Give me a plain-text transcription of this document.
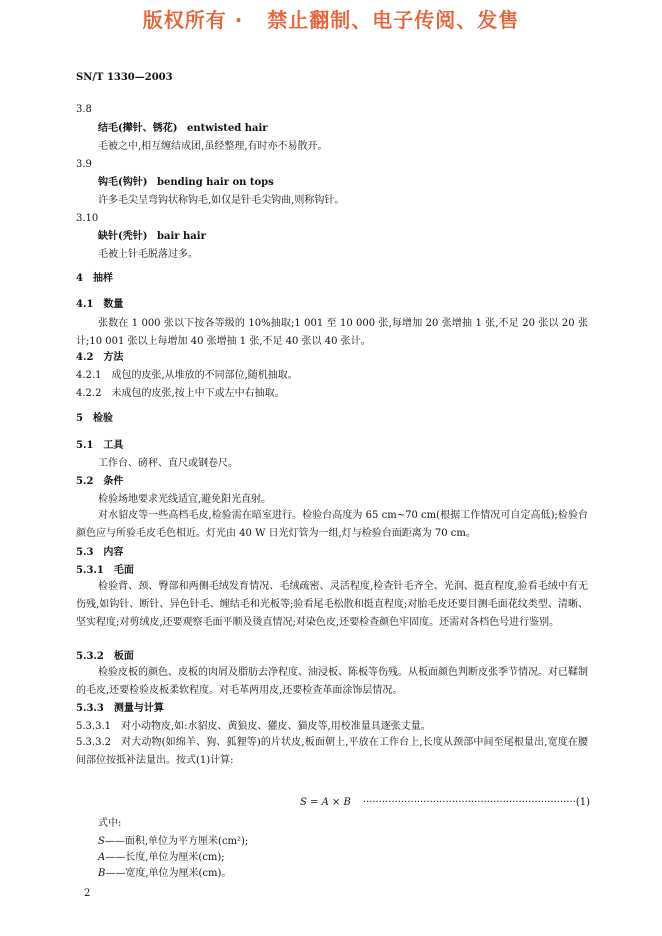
版权所有 ·   禁止翻制、电子传阅、发售
SN/T 1330—2003
3.8
结毛(撵针、锈花) entwisted hair
毛被之中,相互缠结成团,虽经整理,有时亦不易散开。
3.9
钩毛(钩针) bending hair on tops
许多毛尖呈弯钩状称钩毛,如仅是针毛尖钩曲,则称钩针。
3.10
缺针(秃针) bair hair
毛被上针毛脱落过多。
4 抽样
4.1 数量
张数在 1 000 张以下按各等级的 10%抽取;1 001 至 10 000 张,每增加 20 张增抽 1 张,不足 20 张以 20 张计;10 001 张以上每增加 40 张增抽 1 张,不足 40 张以 40 张计。
4.2 方法
4.2.1 成包的皮张,从堆放的不同部位,随机抽取。
4.2.2 未成包的皮张,按上中下或左中右抽取。
5 检验
5.1 工具
工作台、磅秤、直尺或钢卷尺。
5.2 条件
检验场地要求光线适宜,避免阳光直射。
对水貂皮等一些高档毛皮,检验需在暗室进行。检验台高度为 65 cm~70 cm(根据工作情况可自定高低);检验台颜色应与所验毛皮毛色相近。灯光由 40 W 日光灯管为一组,灯与检验台面距离为 70 cm。
5.3 内容
5.3.1 毛面
检验背、颈、臀部和两侧毛绒发育情况、毛绒疏密、灵活程度,检查针毛齐全、光润、挺直程度,验看毛绒中有无伤残,如钩针、断针、异色针毛、缠结毛和光板等;验看尾毛松散和挺直程度;对胎毛皮还要目测毛面花纹类型、清晰、坚实程度;对剪绒皮,还要观察毛面平顺及烫直情况;对染色皮,还要检查颜色牢固度。还需对各档色号进行鉴别。
5.3.2 板面
检验皮板的颜色、皮板的肉屑及脂肪去净程度、油浸板、陈板等伤残。从板面颜色判断皮张季节情况。对已鞣制的毛皮,还要检验皮板柔软程度。对毛革两用皮,还要检查革面涂饰层情况。
5.3.3 测量与计算
5.3.3.1 对小动物皮,如:水貂皮、黄狼皮、獾皮、猫皮等,用校准量具逐张丈量。
5.3.3.2 对大动物(如绵羊、狗、狐狸等)的片状皮,板面朝上,平放在工作台上,长度从颈部中间至尾根量出,宽度在腰间部位按抵补法量出。按式(1)计算:
S = A × B	···································································(1)
式中:
S——面积,单位为平方厘米(cm²);
A——长度,单位为厘米(cm);
B——宽度,单位为厘米(cm)。
2
